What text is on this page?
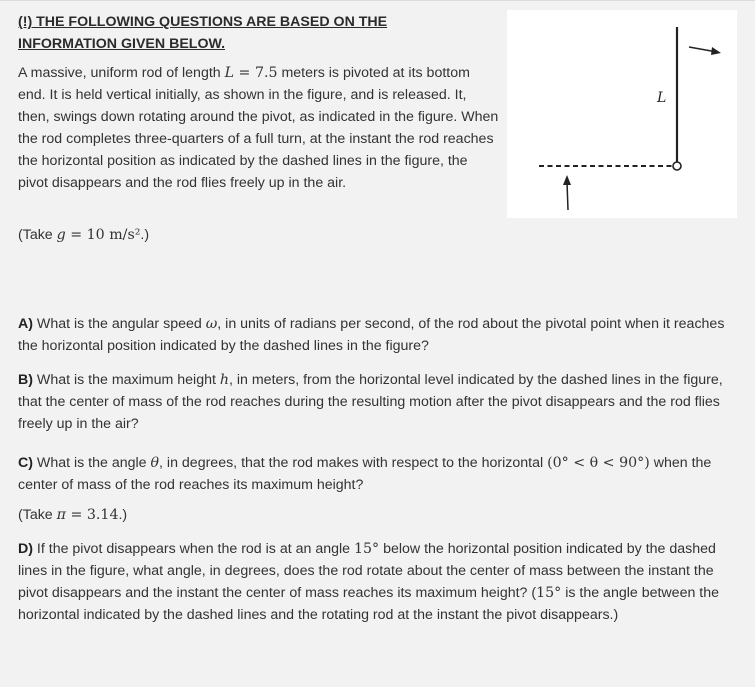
(!) THE FOLLOWING QUESTIONS ARE BASED ON THE
INFORMATION GIVEN BELOW.
A massive, uniform rod of length L = 7.5 meters is pivoted at its bottom end. It is held vertical initially, as shown in the figure, and is released. It, then, swings down rotating around the pivot, as indicated in the figure. When the rod completes three-quarters of a full turn, at the instant the rod reaches the horizontal position as indicated by the dashed lines in the figure, the pivot disappears and the rod flies freely up in the air.
(Take g = 10 m/s².)
L
A) What is the angular speed ω, in units of radians per second, of the rod about the pivotal point when it reaches the horizontal position indicated by the dashed lines in the figure?
B) What is the maximum height h, in meters, from the horizontal level indicated by the dashed lines in the figure, that the center of mass of the rod reaches during the resulting motion after the pivot disappears and the rod flies freely up in the air?
C) What is the angle θ, in degrees, that the rod makes with respect to the horizontal (0° < θ < 90°) when the center of mass of the rod reaches its maximum height?
(Take π = 3.14.)
D) If the pivot disappears when the rod is at an angle 15° below the horizontal position indicated by the dashed lines in the figure, what angle, in degrees, does the rod rotate about the center of mass between the instant the pivot disappears and the instant the center of mass reaches its maximum height? (15° is the angle between the horizontal indicated by the dashed lines and the rotating rod at the instant the pivot disappears.)
